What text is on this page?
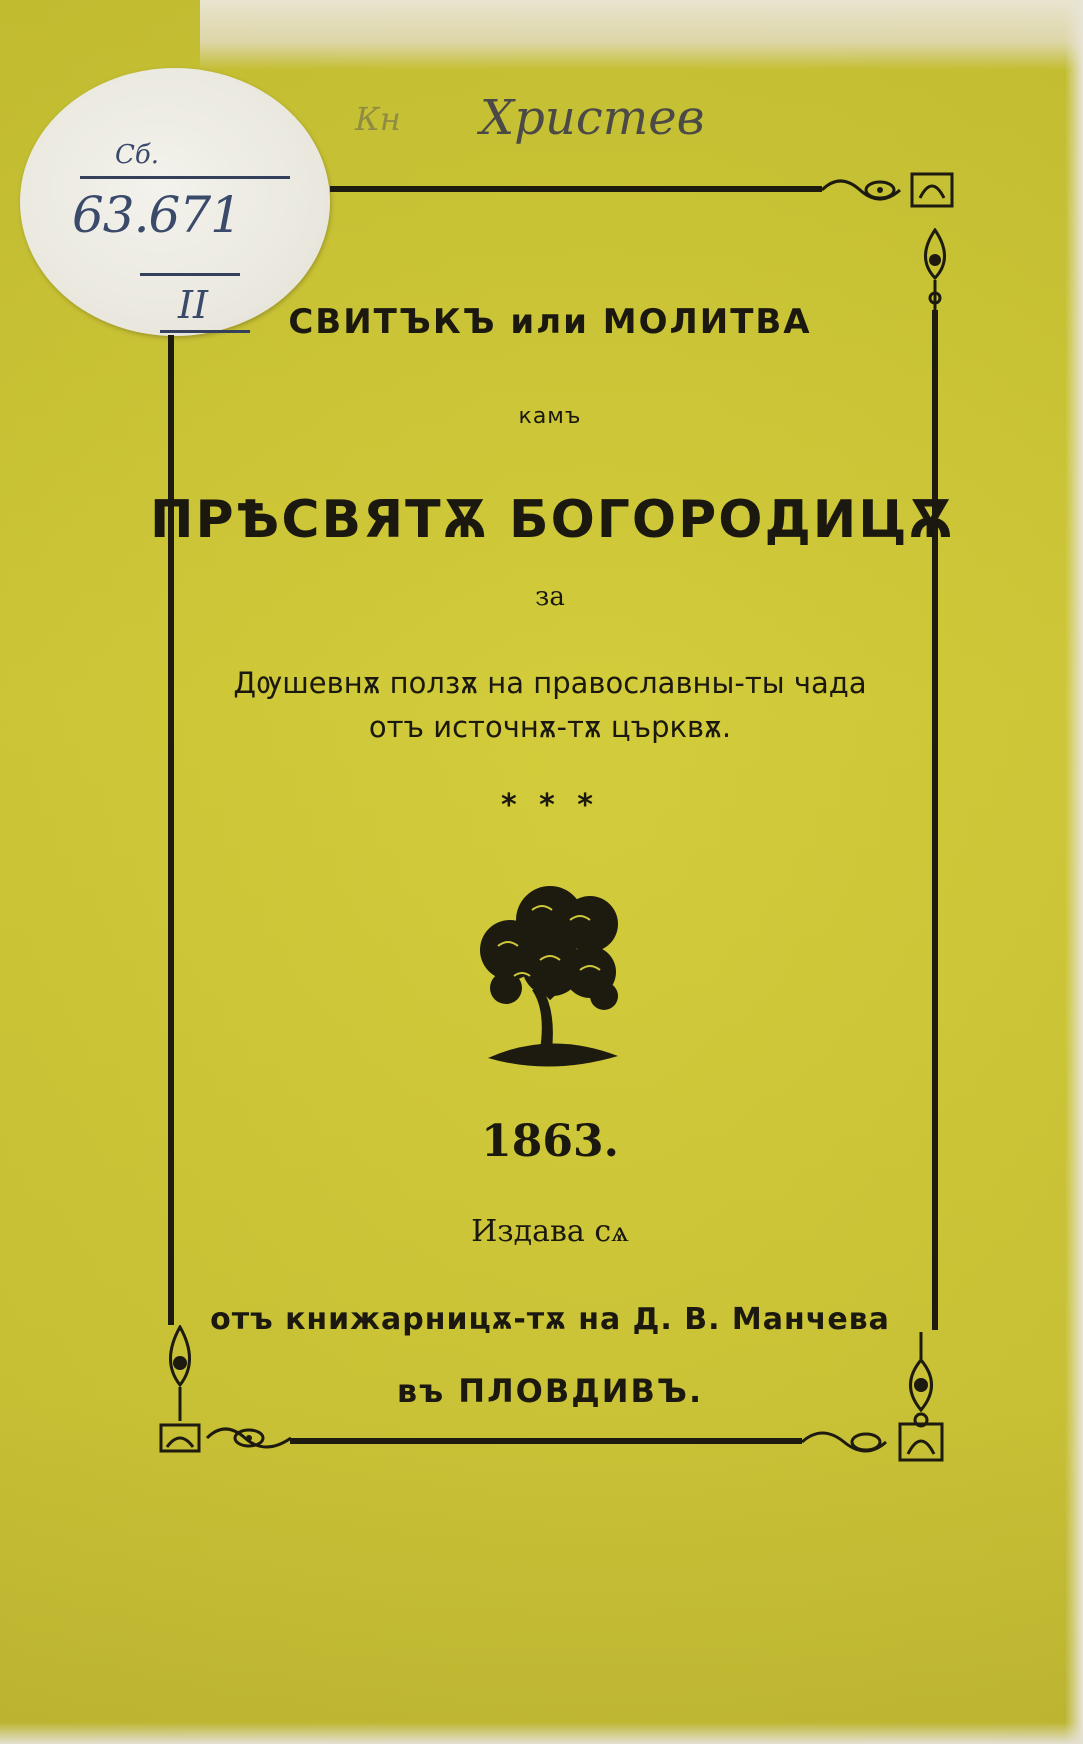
Кн Христев
Сб.
63.671
II	СВИТЪКЪ или МОЛИТВА
камъ
ПРѢСВЯТѪ БОГОРОДИЦѪ
за
Дѹшевнѫ ползѫ на православны-ты чада
отъ источнѫ-тѫ църквѫ.
* * *
1863.
Издава сѧ
отъ книжарницѫ-тѫ на Д. В. Манчева
въ ПЛОВДИВЪ.
